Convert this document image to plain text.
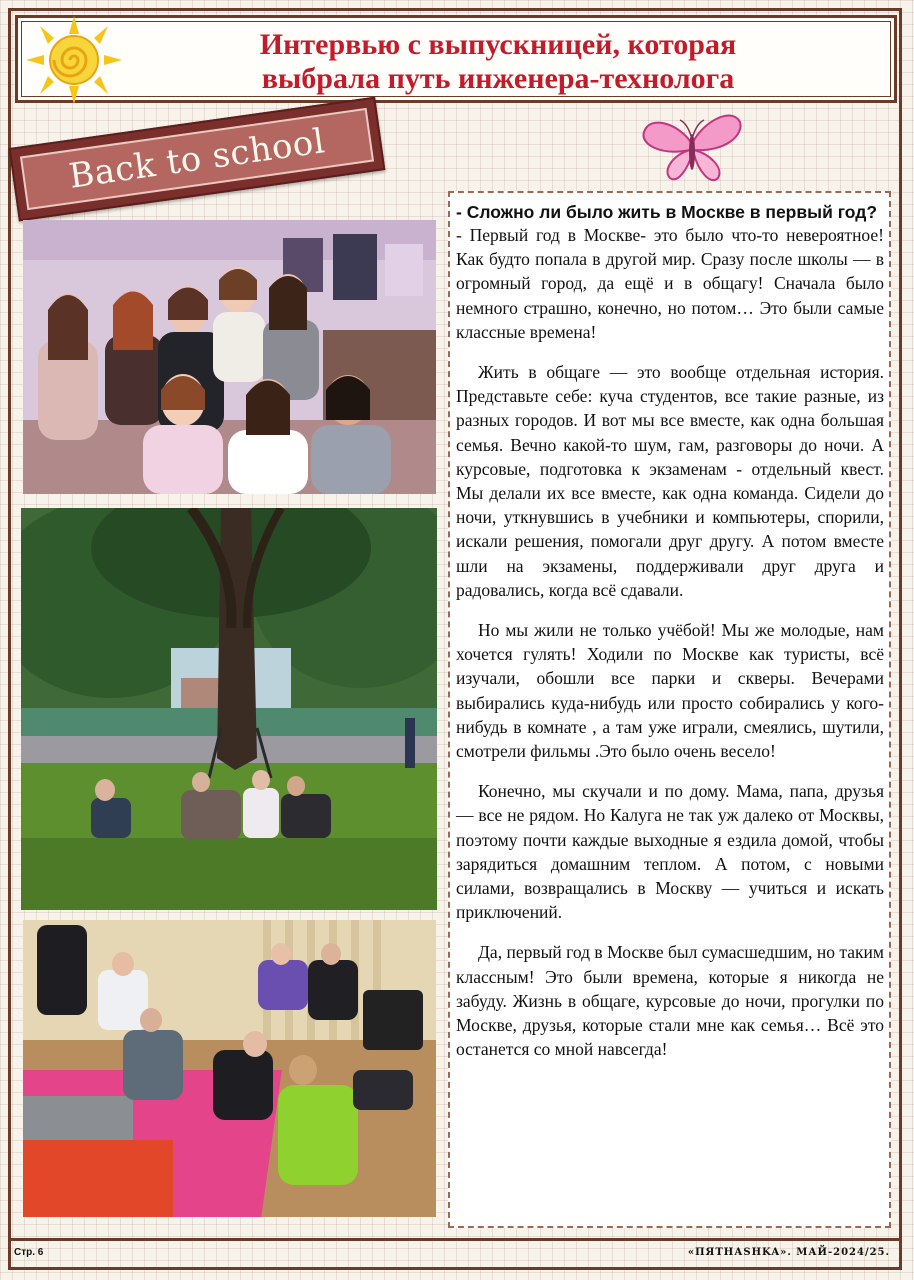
Интервью с выпускницей, которая
выбрала путь инженера-технолога
Back to school

- Сложно ли было жить в Москве в первый год?

- Первый год в Москве- это было что-то невероятное! Как будто попала в другой мир. Сразу после школы — в огромный город, да ещё и в общагу! Сначала было немного страшно, конечно, но потом… Это были самые классные времена!

Жить в общаге — это вообще отдельная история. Представьте себе: куча студентов, все такие разные, из разных городов. И вот мы все вместе, как одна большая семья. Вечно какой-то шум, гам, разговоры до ночи. А курсовые, подготовка к экзаменам - отдельный квест. Мы делали их все вместе, как одна команда. Сидели до ночи, уткнувшись в учебники и компьютеры, спорили, искали решения, помогали друг другу. А потом вместе шли на экзамены, поддерживали друг друга и радовались, когда всё сдавали.

Но мы жили не только учёбой! Мы же молодые, нам хочется гулять! Ходили по Москве как туристы, всё изучали, обошли все парки и скверы. Вечерами выбирались куда-нибудь или просто собирались у кого-нибудь в комнате , а там уже играли, смеялись, шутили, смотрели фильмы .Это было очень весело!

Конечно, мы скучали и по дому. Мама, папа, друзья — все не рядом. Но Калуга не так уж далеко от Москвы, поэтому почти каждые выходные я ездила домой, чтобы зарядиться домашним теплом. А потом, с новыми силами, возвращались в Москву — учиться и искать приключений.

Да, первый год в Москве был сумасшедшим, но таким классным! Это были времена, которые я никогда не забуду. Жизнь в общаге, курсовые до ночи, прогулки по Москве, друзья, которые стали мне как семья… Всё это останется со мной навсегда!

Стр. 6	«ПЯТНАSHKA». МАЙ-2024/25.
